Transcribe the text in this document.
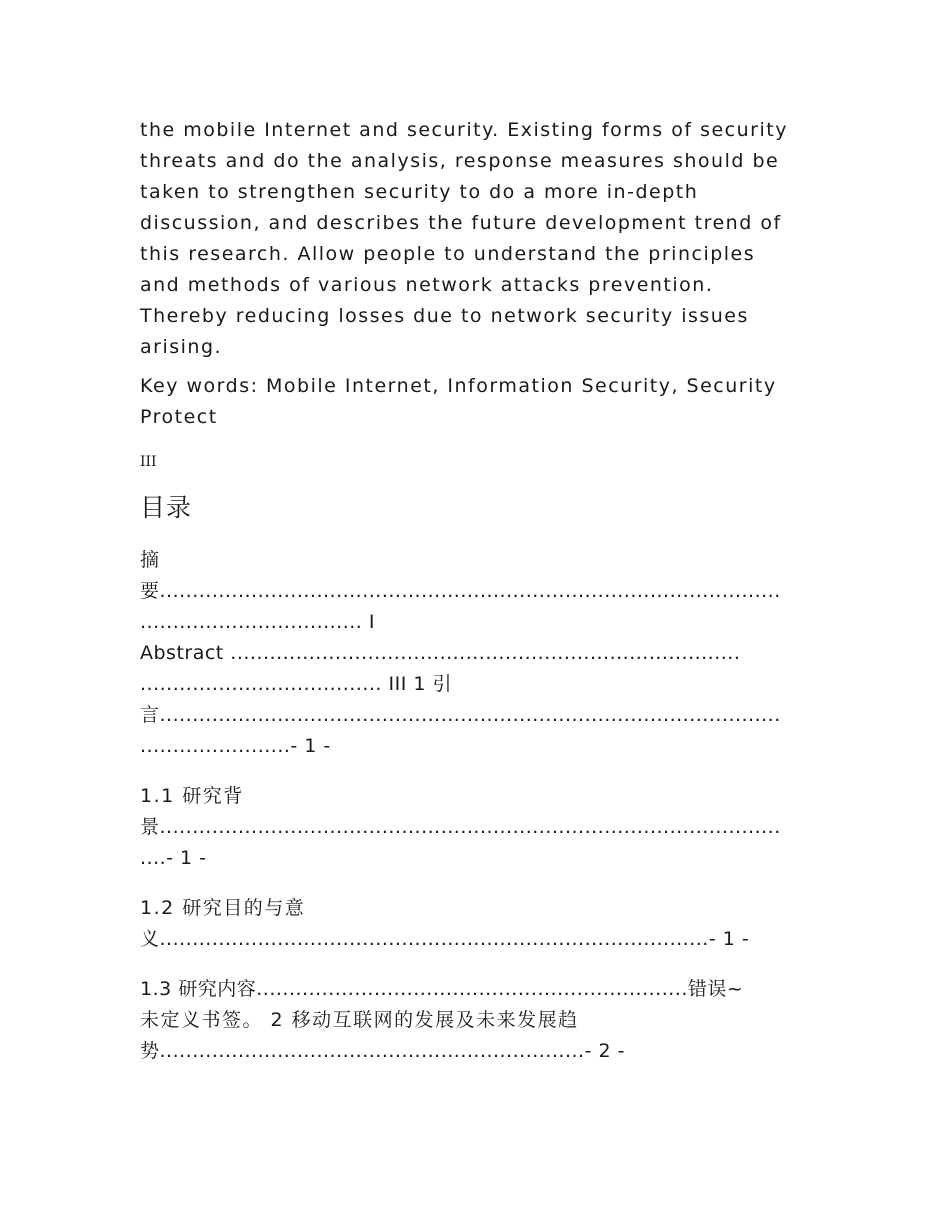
the mobile Internet and security. Existing forms of security
threats and do the analysis, response measures should be
taken to strengthen security to do a more in-depth
discussion, and describes the future development trend of
this research. Allow people to understand the principles
and methods of various network attacks prevention.
Thereby reducing losses due to network security issues
arising.
Key words: Mobile Internet, Information Security, Security
Protect
III
目录
摘
要...............................................................................................
.................................. I
Abstract ..............................................................................
..................................... III 1 引
言...............................................................................................
.......................- 1 -
1.1 研究背
景...............................................................................................
....- 1 -
1.2 研究目的与意
义....................................................................................- 1 -
1.3 研究内容..................................................................错误~
未定义书签。 2 移动互联网的发展及未来发展趋
势.................................................................- 2 -
